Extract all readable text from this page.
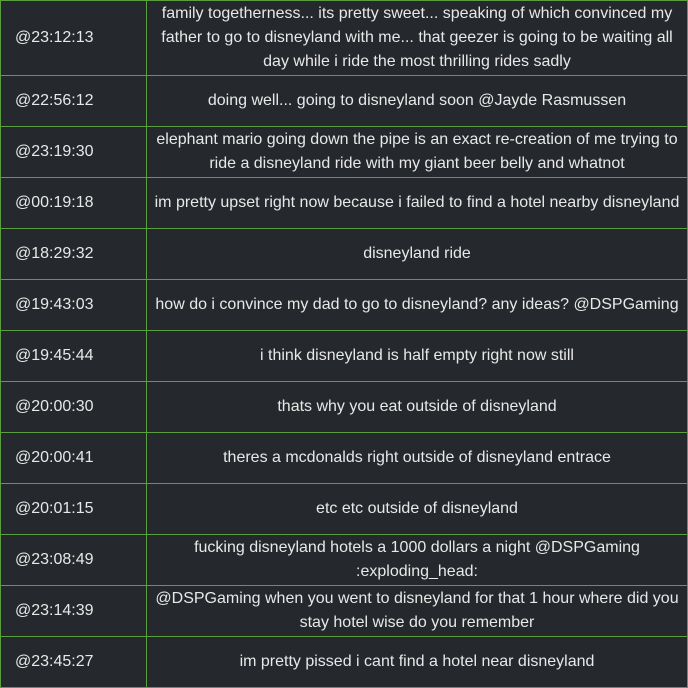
@23:12:13	family togetherness... its pretty sweet... speaking of which convinced my father to go to disneyland with me... that geezer is going to be waiting all day while i ride the most thrilling rides sadly
@22:56:12	doing well... going to disneyland soon @Jayde Rasmussen
@23:19:30	elephant mario going down the pipe is an exact re-creation of me trying to ride a disneyland ride with my giant beer belly and whatnot
@00:19:18	im pretty upset right now because i failed to find a hotel nearby disneyland
@18:29:32	disneyland ride
@19:43:03	how do i convince my dad to go to disneyland? any ideas? @DSPGaming
@19:45:44	i think disneyland is half empty right now still
@20:00:30	thats why you eat outside of disneyland
@20:00:41	theres a mcdonalds right outside of disneyland entrace
@20:01:15	etc etc outside of disneyland
@23:08:49	fucking disneyland hotels a 1000 dollars a night @DSPGaming :exploding_head:
@23:14:39	@DSPGaming when you went to disneyland for that 1 hour where did you stay hotel wise do you remember
@23:45:27	im pretty pissed i cant find a hotel near disneyland
